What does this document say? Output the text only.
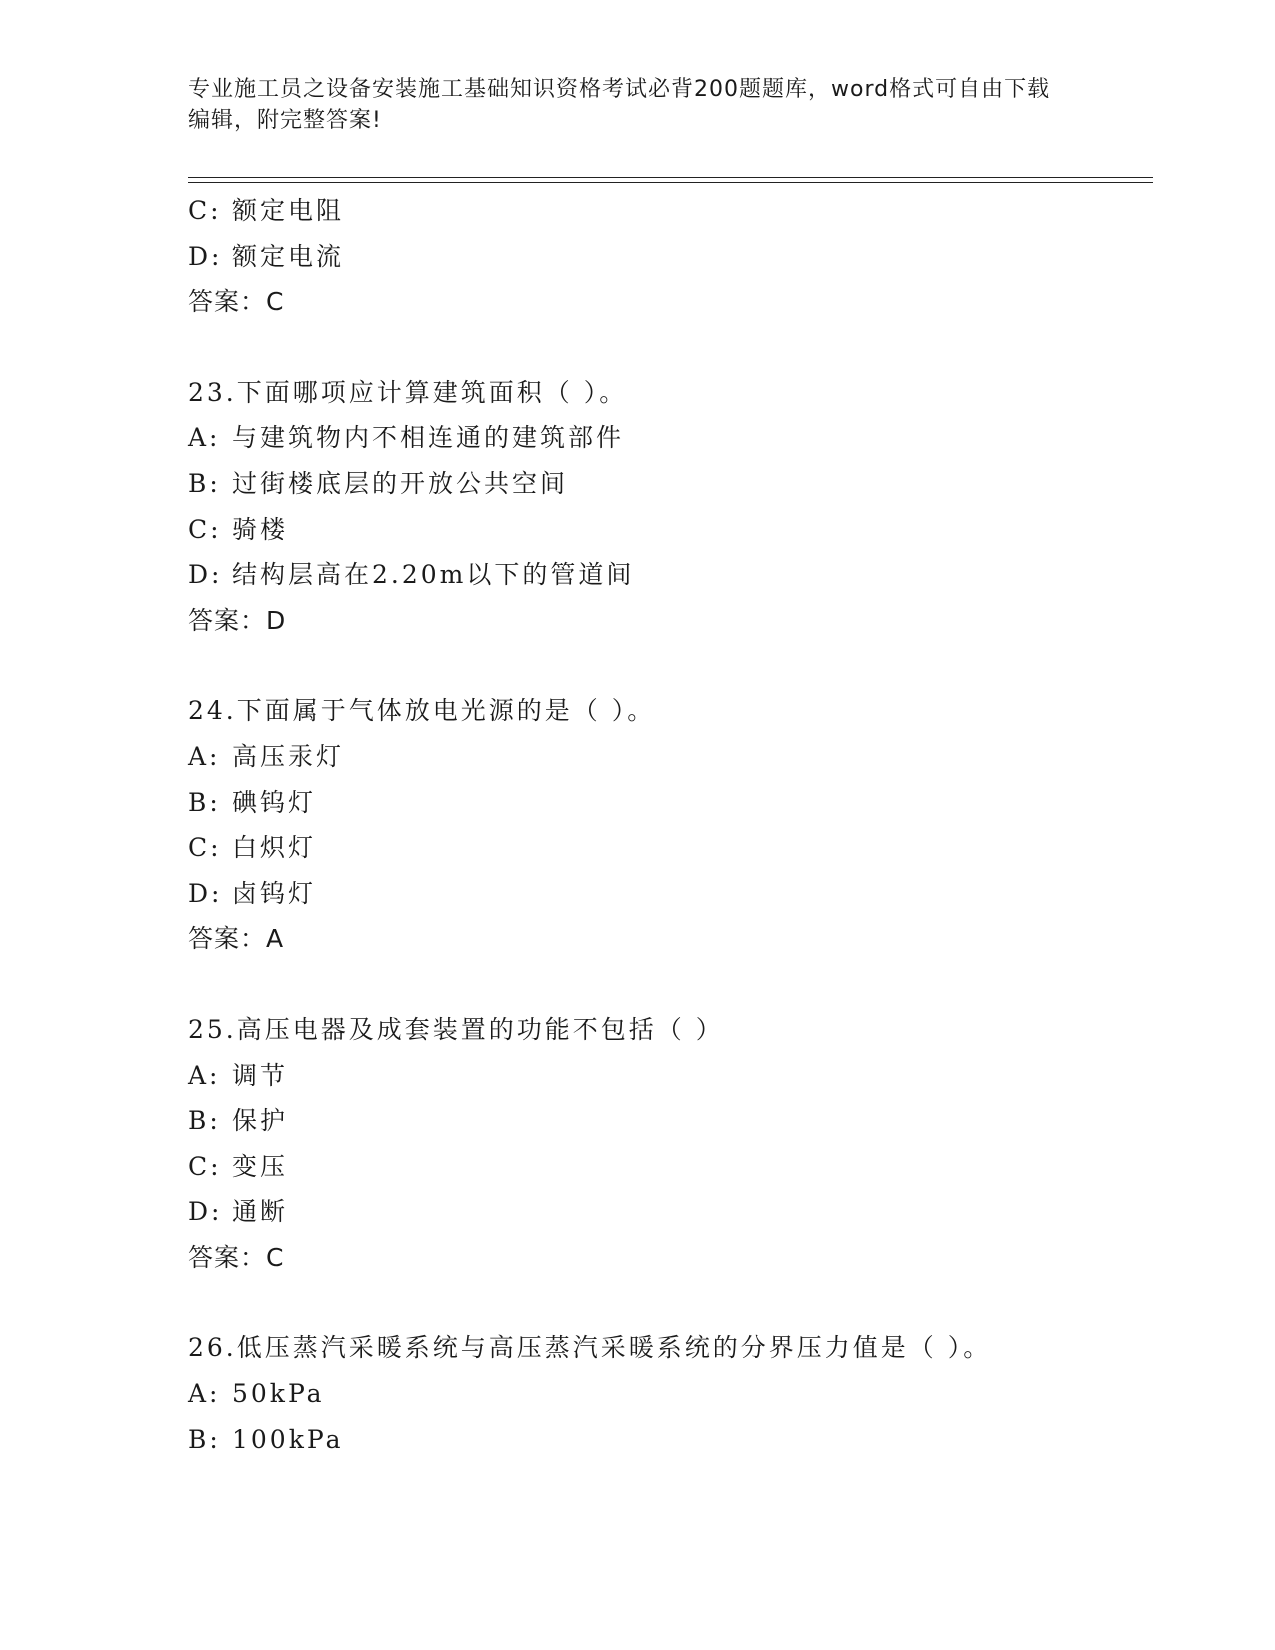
专业施工员之设备安装施工基础知识资格考试必背200题题库，word格式可自由下载编辑，附完整答案!
C: 额定电阻
D: 额定电流
答案：C
23.下面哪项应计算建筑面积（ ）。
A: 与建筑物内不相连通的建筑部件
B: 过街楼底层的开放公共空间
C: 骑楼
D: 结构层高在2.20m以下的管道间
答案：D
24.下面属于气体放电光源的是（ ）。
A: 高压汞灯
B: 碘钨灯
C: 白炽灯
D: 卤钨灯
答案：A
25.高压电器及成套装置的功能不包括（ ）
A: 调节
B: 保护
C: 变压
D: 通断
答案：C
26.低压蒸汽采暖系统与高压蒸汽采暖系统的分界压力值是（ ）。
A: 50kPa
B: 100kPa
